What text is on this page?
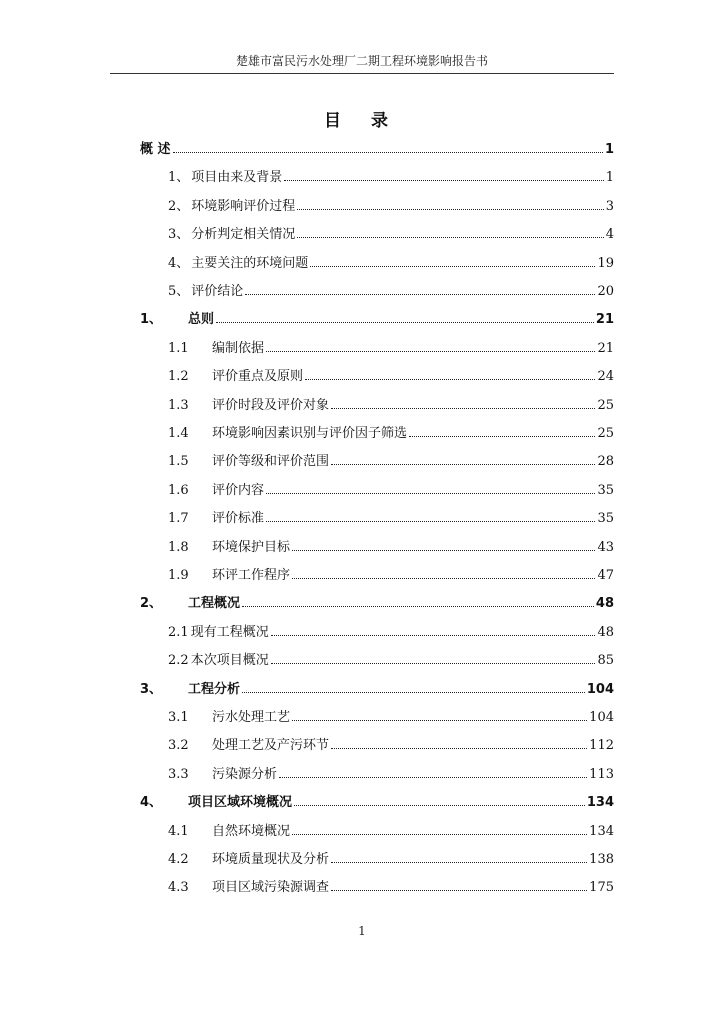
楚雄市富民污水处理厂二期工程环境影响报告书
目 录
概 述	1
1、 项目由来及背景	1
2、 环境影响评价过程	3
3、 分析判定相关情况	4
4、 主要关注的环境问题	19
5、 评价结论	20
1、	总则	21
1.1	编制依据	21
1.2	评价重点及原则	24
1.3	评价时段及评价对象	25
1.4	环境影响因素识别与评价因子筛选	25
1.5	评价等级和评价范围	28
1.6	评价内容	35
1.7	评价标准	35
1.8	环境保护目标	43
1.9	环评工作程序	47
2、	工程概况	48
2.1 现有工程概况	48
2.2 本次项目概况	85
3、	工程分析	104
3.1	污水处理工艺	104
3.2	处理工艺及产污环节	112
3.3	污染源分析	113
4、	项目区域环境概况	134
4.1	自然环境概况	134
4.2	环境质量现状及分析	138
4.3	项目区域污染源调查	175
1
